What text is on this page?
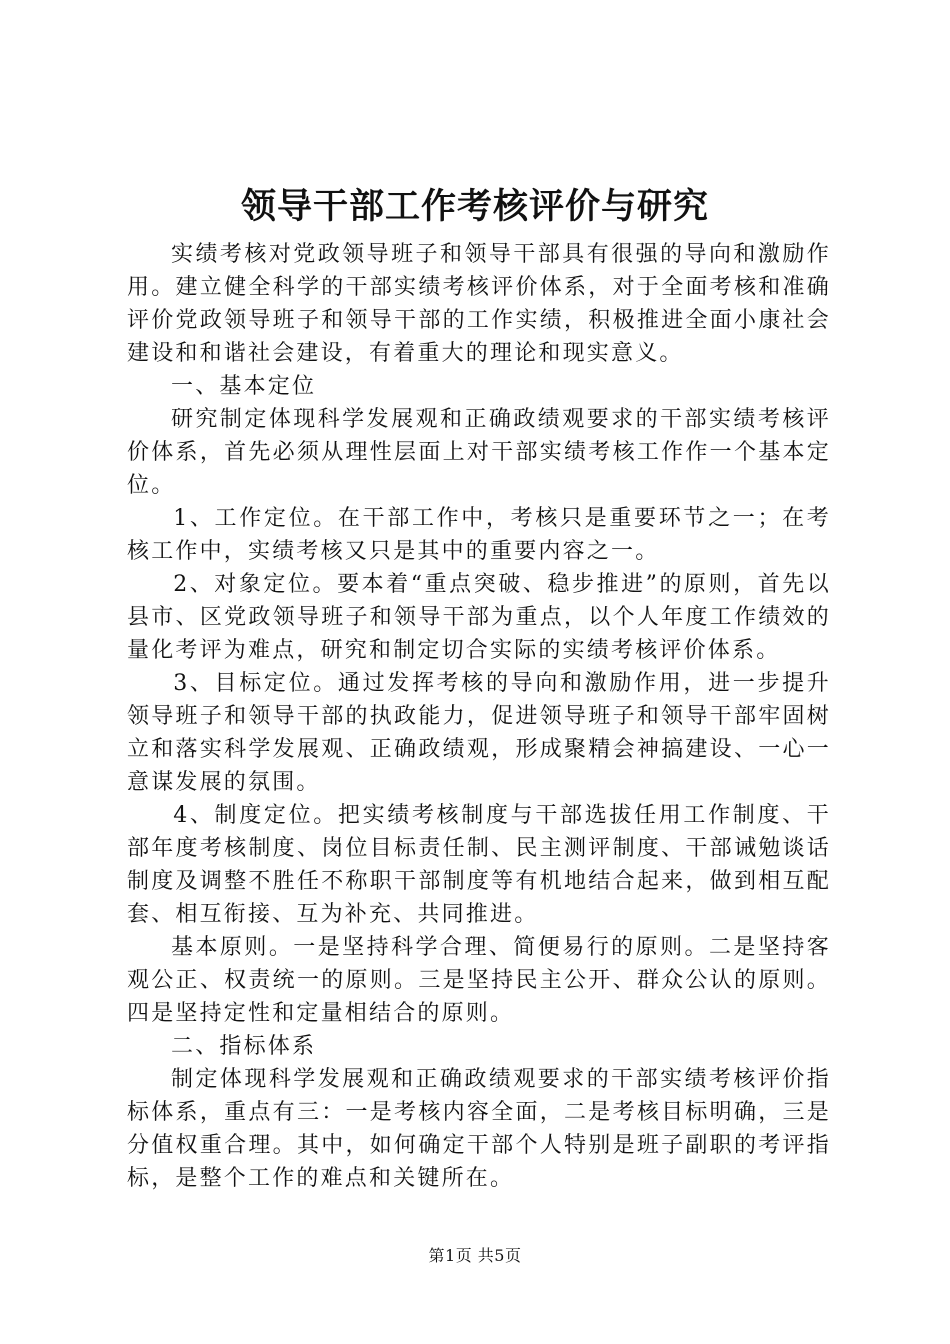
领导干部工作考核评价与研究

实绩考核对党政领导班子和领导干部具有很强的导向和激励作用。建立健全科学的干部实绩考核评价体系，对于全面考核和准确评价党政领导班子和领导干部的工作实绩，积极推进全面小康社会建设和和谐社会建设，有着重大的理论和现实意义。

一、基本定位

研究制定体现科学发展观和正确政绩观要求的干部实绩考核评价体系，首先必须从理性层面上对干部实绩考核工作作一个基本定位。

1、工作定位。在干部工作中，考核只是重要环节之一；在考核工作中，实绩考核又只是其中的重要内容之一。

2、对象定位。要本着“重点突破、稳步推进”的原则，首先以县市、区党政领导班子和领导干部为重点，以个人年度工作绩效的量化考评为难点，研究和制定切合实际的实绩考核评价体系。

3、目标定位。通过发挥考核的导向和激励作用，进一步提升领导班子和领导干部的执政能力，促进领导班子和领导干部牢固树立和落实科学发展观、正确政绩观，形成聚精会神搞建设、一心一意谋发展的氛围。

4、制度定位。把实绩考核制度与干部选拔任用工作制度、干部年度考核制度、岗位目标责任制、民主测评制度、干部诫勉谈话制度及调整不胜任不称职干部制度等有机地结合起来，做到相互配套、相互衔接、互为补充、共同推进。

基本原则。一是坚持科学合理、简便易行的原则。二是坚持客观公正、权责统一的原则。三是坚持民主公开、群众公认的原则。四是坚持定性和定量相结合的原则。

二、指标体系

制定体现科学发展观和正确政绩观要求的干部实绩考核评价指标体系，重点有三：一是考核内容全面，二是考核目标明确，三是分值权重合理。其中，如何确定干部个人特别是班子副职的考评指标，是整个工作的难点和关键所在。

第1页 共5页
